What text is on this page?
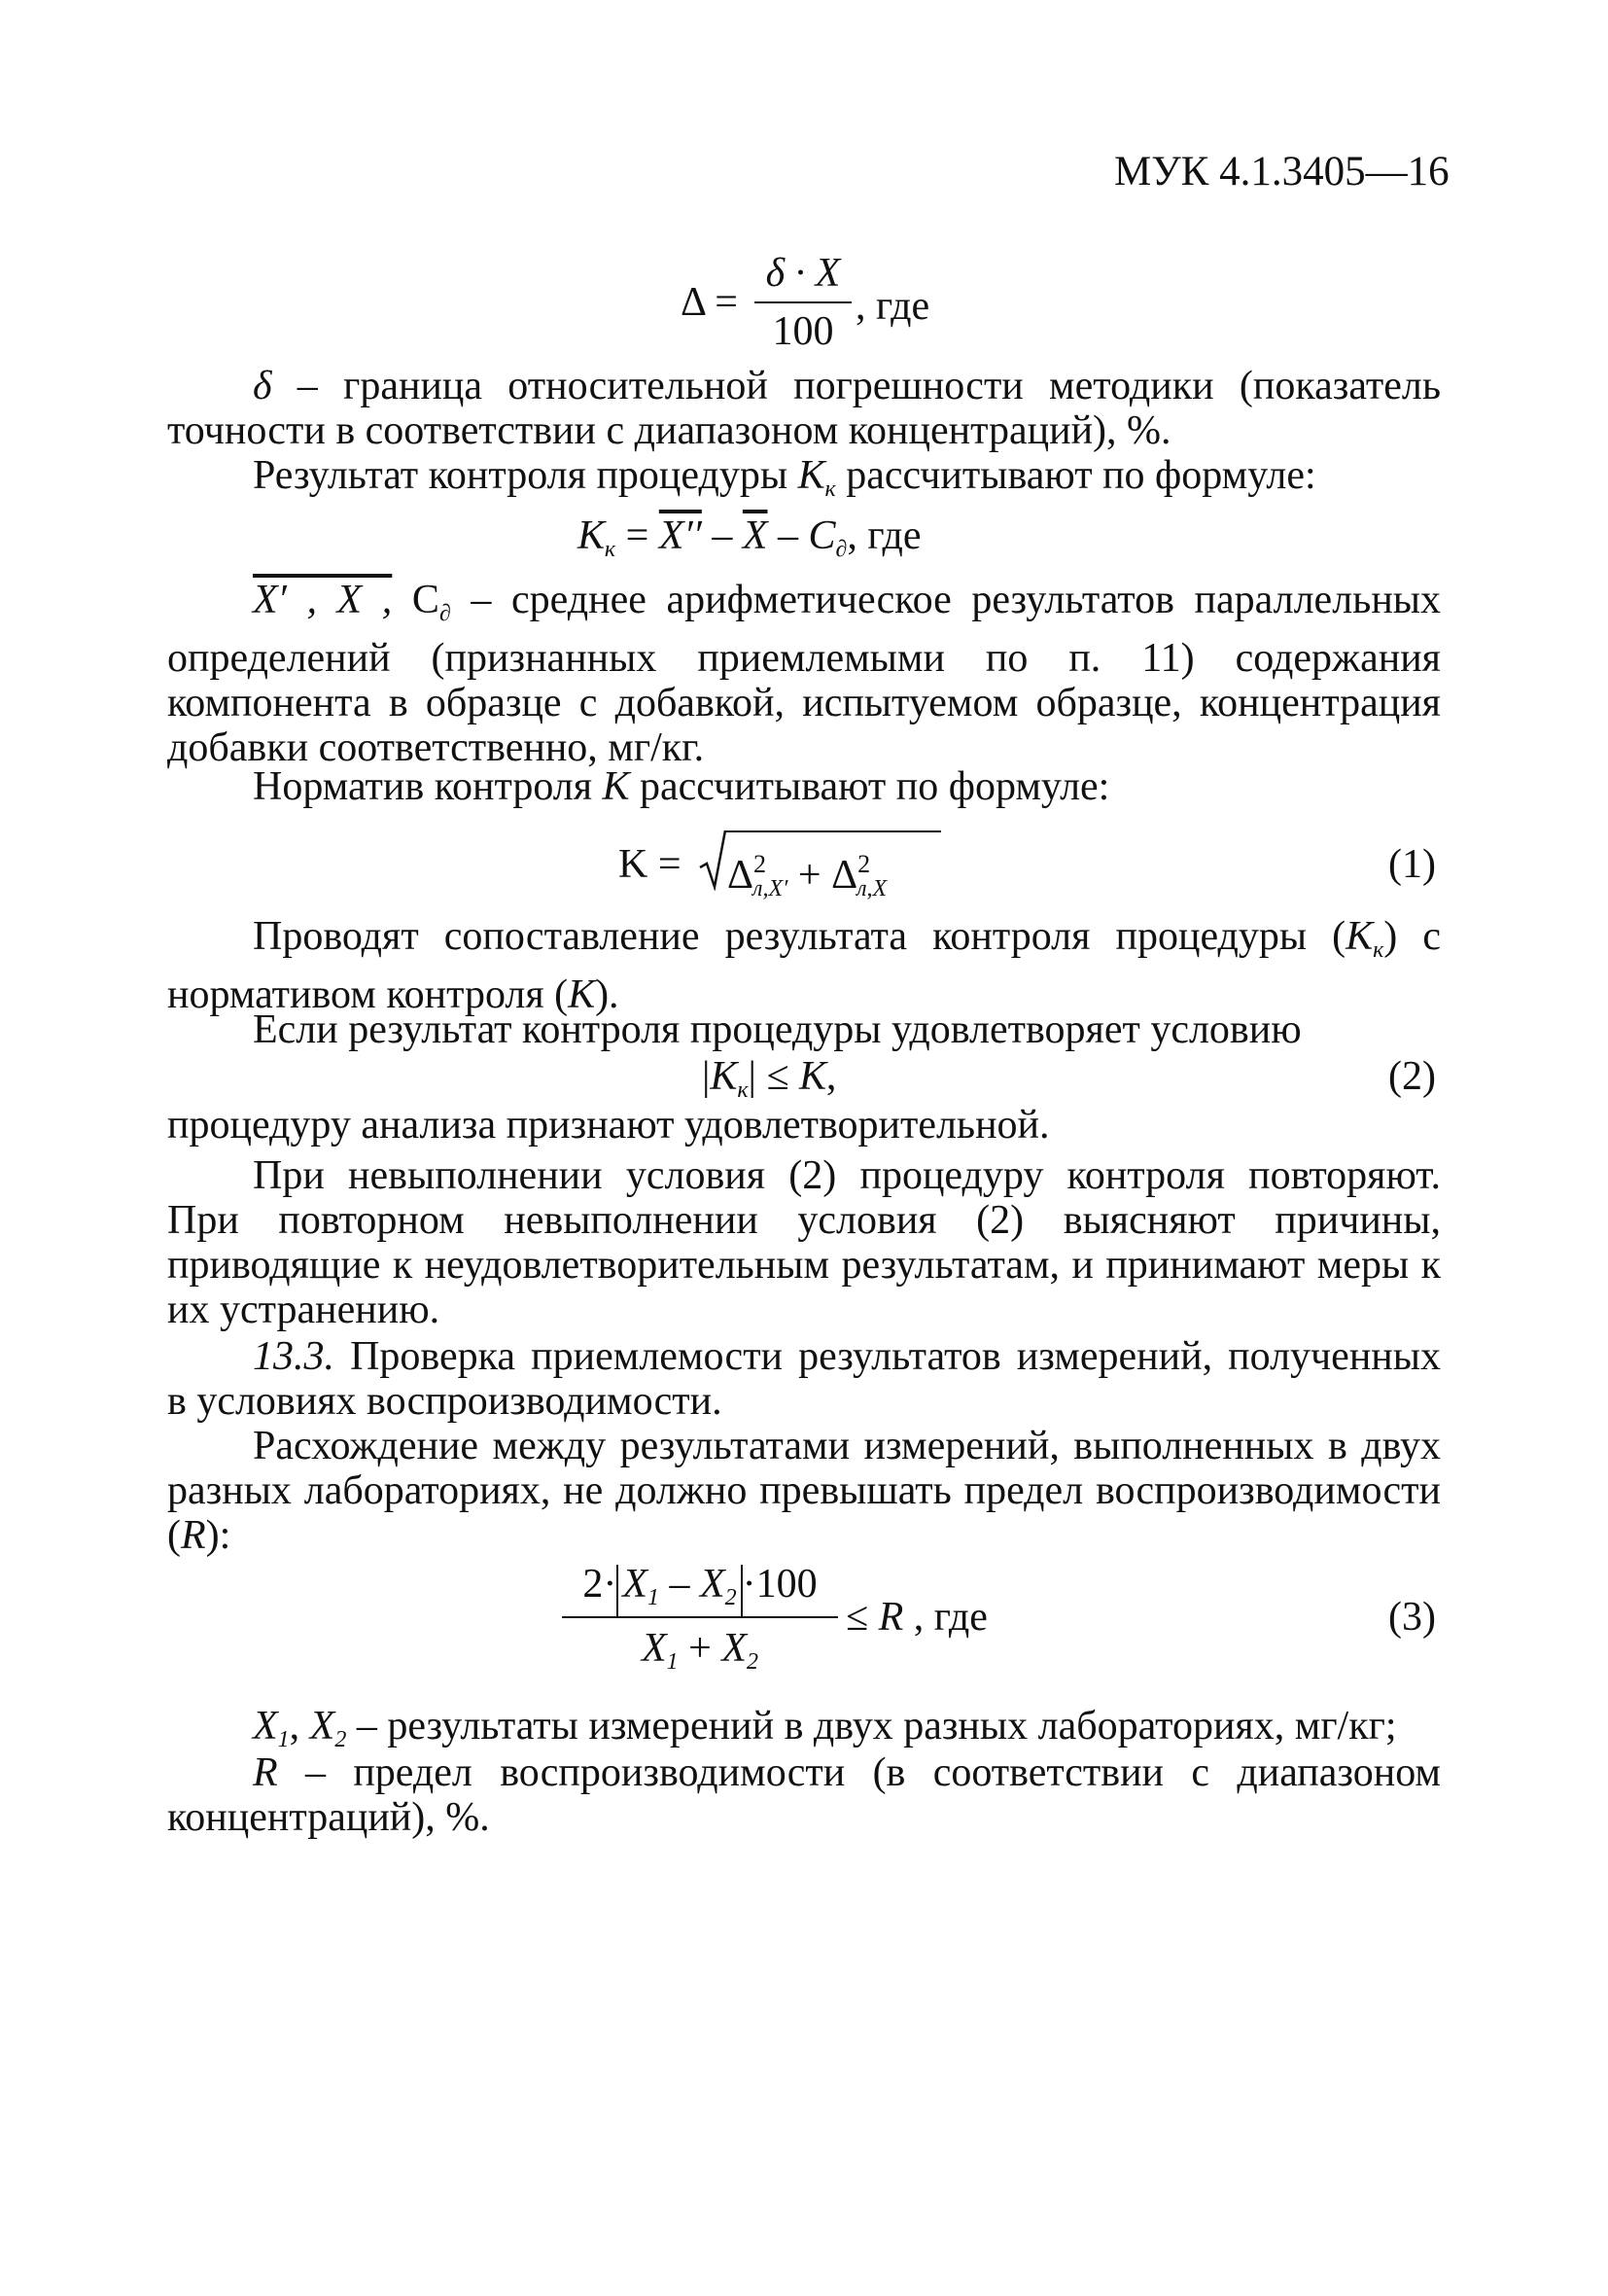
МУК 4.1.3405—16
Δ =
δ · X
100
, где
δ – граница относительной погрешности методики (показатель точности в соответствии с диапазоном концентраций), %.
Результат контроля процедуры $К_к$ рассчитывают по формуле:
$К_к = X'' - \overline{X} - C_\partial$, где
X′ , X , $C_\partial$ – среднее арифметическое результатов параллельных определений (признанных приемлемыми по п. 11) содержания компонента в образце с добавкой, испытуемом образце, концентрация добавки соответственно, мг/кг.
Норматив контроля К рассчитывают по формуле:
$K = \Delta^2_{л,X'} + \Delta^2_{л,X}$
(1)
Проводят сопоставление результата контроля процедуры $(К_к)$ с нормативом контроля (К).
Если результат контроля процедуры удовлетворяет условию
$|К_к| \le К$,	(2)
процедуру анализа признают удовлетворительной.
При невыполнении условия (2) процедуру контроля повторяют. При повторном невыполнении условия (2) выясняют причины, приводящие к неудовлетворительным результатам, и принимают меры к их устранению.
13.3. Проверка приемлемости результатов измерений, полученных в условиях воспроизводимости.
Расхождение между результатами измерений, выполненных в двух разных лабораториях, не должно превышать предел воспроизводимости (R):
$2\cdot X_1 - X_2 \cdot 100$
$X_1 + X_2$
≤ R , где	(3)
$X_1$, $X_2$ – результаты измерений в двух разных лабораториях, мг/кг;
R – предел воспроизводимости (в соответствии с диапазоном концентраций), %.
